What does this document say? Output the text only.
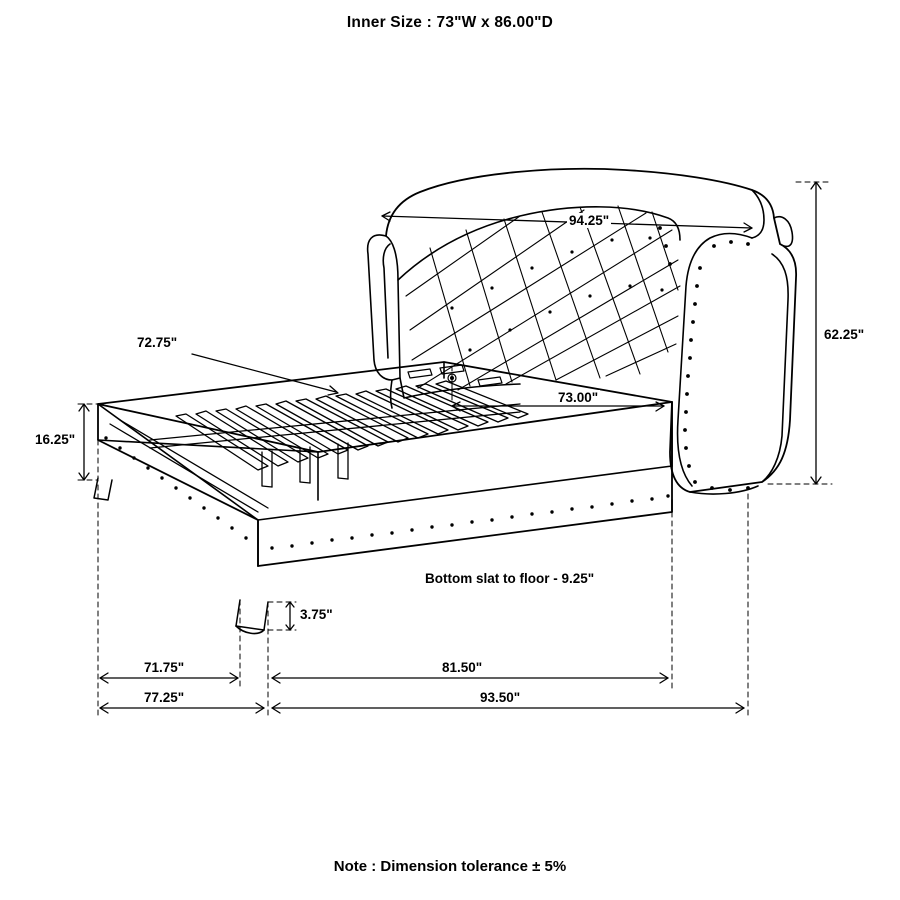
Inner Size : 73"W x 86.00"D
Note : Dimension tolerance ± 5%
94.25"
62.25"
72.75"
73.00"
16.25"
3.75"
Bottom slat to floor - 9.25"
71.75"	81.50"
77.25"	93.50"
